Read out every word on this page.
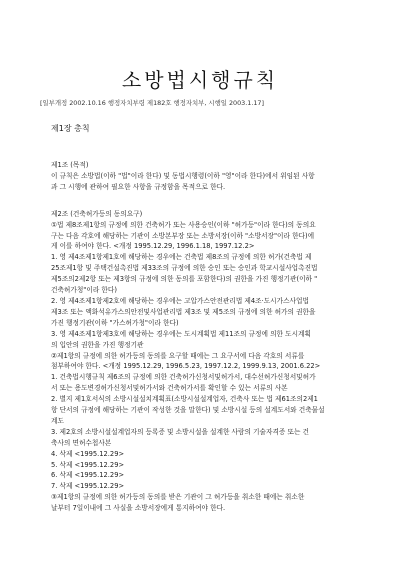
소방법시행규칙
[일부개정 2002.10.16 행정자치부령 제182호 행정자치부, 시행일 2003.1.17]
제1장 총칙

제1조 (목적)

이 규칙은 소방법(이하 "법"이라 한다) 및 동법시행령(이하 "영"이라 한다)에서 위임된 사항

과 그 시행에 관하여 필요한 사항을 규정함을 목적으로 한다.

제2조 (건축허가등의 동의요구)

①법 제8조제1항의 규정에 의한 건축허가 또는 사용승인(이하 "허가등"이라 한다)의 동의요

구는 다음 각호에 해당하는 기관이 소방본부장 또는 소방서장(이하 "소방서장"이라 한다)에

게 이를 하여야 한다. <개정 1995.12.29, 1996.1.18, 1997.12.2>

1. 영 제4조제1항제1호에 해당하는 경우에는 건축법 제8조의 규정에 의한 허가(건축법 제

25조제1항 및 주택건설촉진법 제33조의 규정에 의한 승인 또는 승인과 학교시설사업촉진법

제5조의2제2항 또는 제3항의 규정에 의한 동의를 포함한다)의 권한을 가진 행정기관(이하 "

건축허가청"이라 한다)

2. 영 제4조제1항제2호에 해당하는 경우에는 고압가스안전관리법 제4조·도시가스사업법

제3조 또는 액화석유가스의안전및사업관리법 제3조 및 제5조의 규정에 의한 허가의 권한을

가진 행정기관(이하 "가스허가청"이라 한다)

3. 영 제4조제1항제3호에 해당하는 경우에는 도시계획법 제11조의 규정에 의한 도시계획

의 입안의 권한을 가진 행정기관

②제1항의 규정에 의한 허가등의 동의를 요구할 때에는 그 요구서에 다음 각호의 서류를

첨부하여야 한다. <개정 1995.12.29, 1996.5.23, 1997.12.2, 1999.9.13, 2001.6.22>

1. 건축법시행규칙 제6조의 규정에 의한 건축허가신청서및허가서, 대수선허가신청서및허가

서 또는 용도변경허가신청서및허가서와 건축허가서를 확인할 수 있는 서류의 사본

2. 별지 제1호서식의 소방시설설치계획표(소방시설설계업자, 건축사 또는 법 제61조의2제1

항 단서의 규정에 해당하는 기관이 작성한 것을 말한다) 및 소방시설 등의 설계도서와 건축물설

계도

3. 제2호의 소방시설설계업자의 등록증 및 소방시설을 설계한 사람의 기술자격증 또는 건

축사의 면허수첩사본

4. 삭제 <1995.12.29>

5. 삭제 <1995.12.29>

6. 삭제 <1995.12.29>

7. 삭제 <1995.12.29>

③제1항의 규정에 의한 허가등의 동의를 받은 기관이 그 허가등을 취소한 때에는 취소한

날부터 7일이내에 그 사실을 소방서장에게 통지하여야 한다.
